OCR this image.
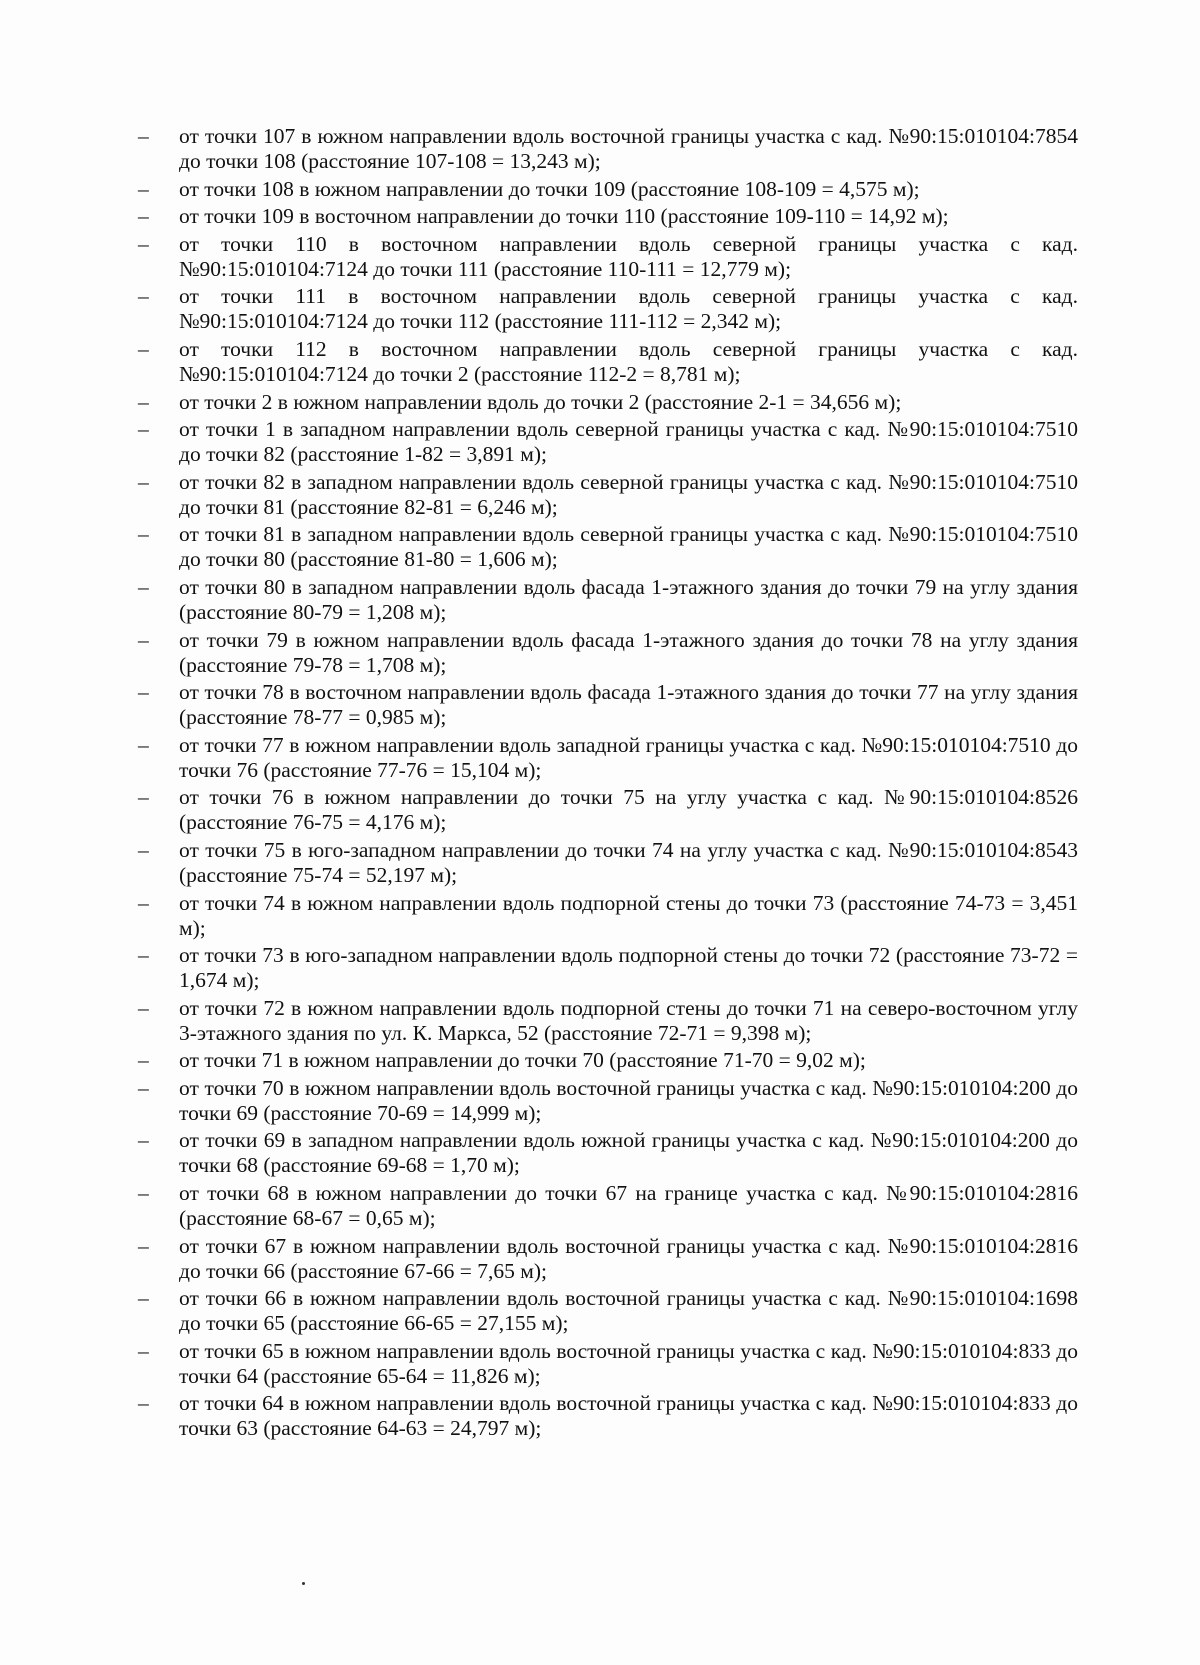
–	от точки 107 в южном направлении вдоль восточной границы участка с кад. №90:15:010104:7854 до точки 108 (расстояние 107-108 = 13,243 м);
–	от точки 108 в южном направлении до точки 109 (расстояние 108-109 = 4,575 м);
–	от точки 109 в восточном направлении до точки 110 (расстояние 109-110 = 14,92 м);
–	от точки 110 в восточном направлении вдоль северной границы участка с кад. №90:15:010104:7124 до точки 111 (расстояние 110-111 = 12,779 м);
–	от точки 111 в восточном направлении вдоль северной границы участка с кад. №90:15:010104:7124 до точки 112 (расстояние 111-112 = 2,342 м);
–	от точки 112 в восточном направлении вдоль северной границы участка с кад. №90:15:010104:7124 до точки 2 (расстояние 112-2 = 8,781 м);
–	от точки 2 в южном направлении вдоль до точки 2 (расстояние 2-1 = 34,656 м);
–	от точки 1 в западном направлении вдоль северной границы участка с кад. №90:15:010104:7510 до точки 82 (расстояние 1-82 = 3,891 м);
–	от точки 82 в западном направлении вдоль северной границы участка с кад. №90:15:010104:7510 до точки 81 (расстояние 82-81 = 6,246 м);
–	от точки 81 в западном направлении вдоль северной границы участка с кад. №90:15:010104:7510 до точки 80 (расстояние 81-80 = 1,606 м);
–	от точки 80 в западном направлении вдоль фасада 1-этажного здания до точки 79 на углу здания (расстояние 80-79 = 1,208 м);
–	от точки 79 в южном направлении вдоль фасада 1-этажного здания до точки 78 на углу здания (расстояние 79-78 = 1,708 м);
–	от точки 78 в восточном направлении вдоль фасада 1-этажного здания до точки 77 на углу здания (расстояние 78-77 = 0,985 м);
–	от точки 77 в южном направлении вдоль западной границы участка с кад. №90:15:010104:7510 до точки 76 (расстояние 77-76 = 15,104 м);
–	от точки 76 в южном направлении до точки 75 на углу участка с кад. №90:15:010104:8526 (расстояние 76-75 = 4,176 м);
–	от точки 75 в юго-западном направлении до точки 74 на углу участка с кад. №90:15:010104:8543 (расстояние 75-74 = 52,197 м);
–	от точки 74 в южном направлении вдоль подпорной стены до точки 73 (расстояние 74-73 = 3,451 м);
–	от точки 73 в юго-западном направлении вдоль подпорной стены до точки 72 (расстояние 73-72 = 1,674 м);
–	от точки 72 в южном направлении вдоль подпорной стены до точки 71 на северо-восточном углу 3-этажного здания по ул. К. Маркса, 52 (расстояние 72-71 = 9,398 м);
–	от точки 71 в южном направлении до точки 70 (расстояние 71-70 = 9,02 м);
–	от точки 70 в южном направлении вдоль восточной границы участка с кад. №90:15:010104:200 до точки 69 (расстояние 70-69 = 14,999 м);
–	от точки 69 в западном направлении вдоль южной границы участка с кад. №90:15:010104:200 до точки 68 (расстояние 69-68 = 1,70 м);
–	от точки 68 в южном направлении до точки 67 на границе участка с кад. №90:15:010104:2816 (расстояние 68-67 = 0,65 м);
–	от точки 67 в южном направлении вдоль восточной границы участка с кад. №90:15:010104:2816 до точки 66 (расстояние 67-66 = 7,65 м);
–	от точки 66 в южном направлении вдоль восточной границы участка с кад. №90:15:010104:1698 до точки 65 (расстояние 66-65 = 27,155 м);
–	от точки 65 в южном направлении вдоль восточной границы участка с кад. №90:15:010104:833 до точки 64 (расстояние 65-64 = 11,826 м);
–	от точки 64 в южном направлении вдоль восточной границы участка с кад. №90:15:010104:833 до точки 63 (расстояние 64-63 = 24,797 м);
